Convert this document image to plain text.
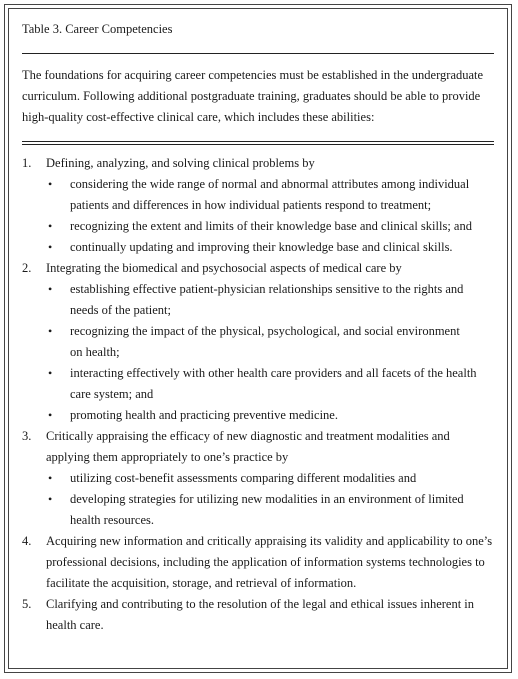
Table 3. Career Competencies
The foundations for acquiring career competencies must be established in the undergraduate curriculum. Following additional postgraduate training, graduates should be able to provide high-quality cost-effective clinical care, which includes these abilities:
1. Defining, analyzing, and solving clinical problems by
• considering the wide range of normal and abnormal attributes among individual patients and differences in how individual patients respond to treatment;
• recognizing the extent and limits of their knowledge base and clinical skills; and
• continually updating and improving their knowledge base and clinical skills.
2. Integrating the biomedical and psychosocial aspects of medical care by
• establishing effective patient-physician relationships sensitive to the rights and needs of the patient;
• recognizing the impact of the physical, psychological, and social environment on health;
• interacting effectively with other health care providers and all facets of the health care system; and
• promoting health and practicing preventive medicine.
3. Critically appraising the efficacy of new diagnostic and treatment modalities and applying them appropriately to one’s practice by
• utilizing cost-benefit assessments comparing different modalities and
• developing strategies for utilizing new modalities in an environment of limited health resources.
4. Acquiring new information and critically appraising its validity and applicability to one’s professional decisions, including the application of information systems technologies to facilitate the acquisition, storage, and retrieval of information.
5. Clarifying and contributing to the resolution of the legal and ethical issues inherent in health care.
